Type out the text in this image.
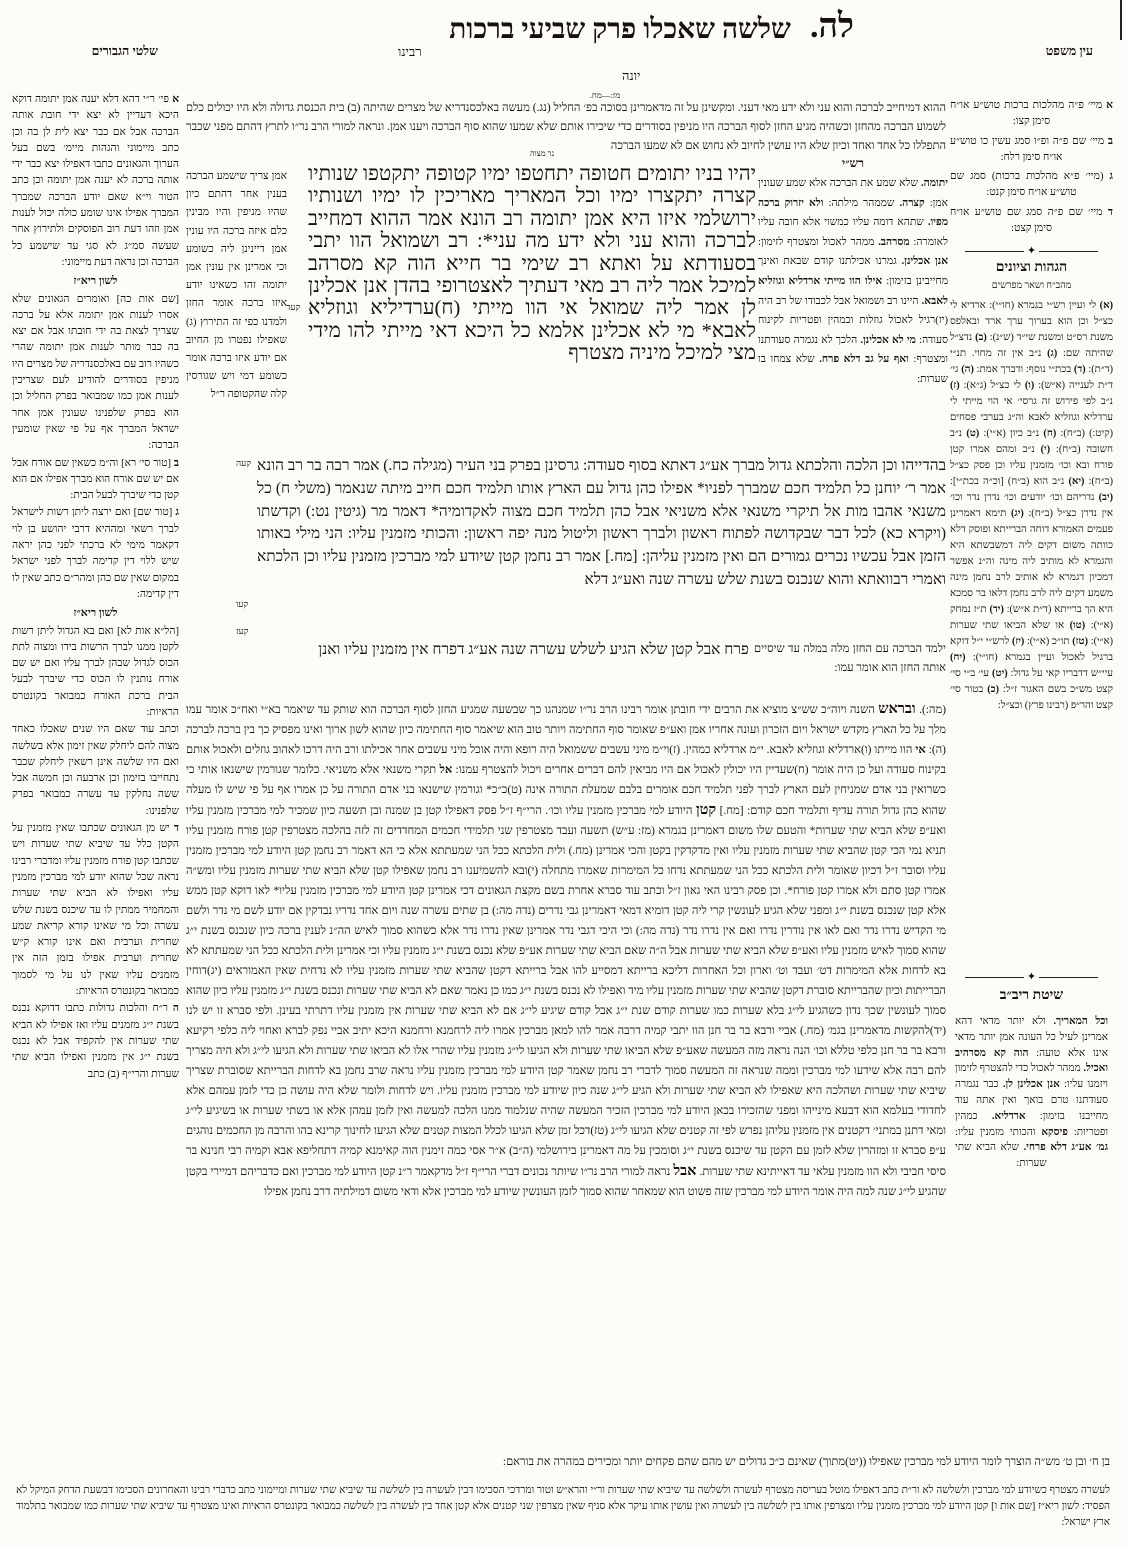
שלטי הגבורים	עין משפט
רבינו
שלשה שאכלו פרק שביעי ברכות לה.
יונה
מז:—מח.

א מיי׳ פ״ה מהלכות ברכות טוש״ע או״ח סימן קצו:

ב מיי׳ שם פ״ה ופ״ו סמג עשין כו טוש״ע או״ח סימן רלח:

ג (מיי׳ פ״א מהלכות ברכות) סמג שם טוש״ע או״ח סימן קנט:

ד מיי׳ שם פ״ה סמג שם טוש״ע או״ח סימן קצט:

✦
הגהות וציונים
מהב״ח ושאר מפרשים
(א) לי ועיין רש״י בגמרא (חו״י): ארדיא לי כצ״ל וכן הוא בערוך ערך ארד ובאלפס משנת רס״ט ומשנת שי״ד (ש״נ): (ב) נדצ״ל שהיתה שם: (ג) נ״ב אין זה מחוי. תנ״י (ד״ת): (ד) בכת״י נוסף: ודברך אמת: (ה) גי׳ ד״ת לענייה (א״ש): (ו) לי כצ״ל (ג״א): (ז) נ״ב לפי פירוש זה גרסי׳ אי הוי מייתי לי ערדליא וגוזליא לאבא וה״ג בערבי פסחים (קיט:) (ב״ח): (ח) נ״ב כיון (א״י): (ט) נ״ב חשובה (ב״ח): (י) נ״ב ומהם אמרו קטן פורח ובא וכו׳ מזמנין עליו וכן פסק כצ״ל (ב״ח): (יא) נ״ב הוא (ב״ח) [וכ״ה בכת״י]: (יב) נדריהם וכו׳ יודעים וכו׳ נדרן נדר וכו׳ אין נדרן כצ״ל (ב״ח): (יג) תימא דאמרינן פעמים האמורא דוחה הברייתא ופוסק דלא כוותה משום דקים ליה דמשבשתא היא והגמרא לא מותיב ליה מינה וה״נ אפשר דמכיון דגמרא לא אותיב לרב נחמן מינה משמע דקים ליה לרב נחמן דלאו בר סמכא היא הך ברייתא (ד״ת א״ש): (יד) ת״ז נמחק (א״י): (טו) או שלא הביאו שתי שערות (א״י): (טז) תו״כ (א״י): (יז) לרש״י י״ל דוקא ברגיל לאכול ועיין בגמרא (חו״י): (יח) עיי״ש דדבריו קאי על גדול: (יט) עי׳ ב״י סי׳ קצט מש״כ בשם האגור ז״ל: (כ) בטור סי׳ קצט והר״פ (רבינו פרץ) וכצ״ל:
✦
שיטת ריב״ב
וכל המאריך. ולא יותר מדאי דהא אמרינן לעיל כל העונה אמן יותר מדאי אינו אלא טועה: הוה קא מסרהיב ואכיל. ממהר לאכול כדי להצטרף לזימון ויזמנו עליו: אנן אכלינן לן. כבר נגמרה סעודתנו טרם בואך ואין אתה עוד מחייבנו בזימון: ארדליא. כמהין ופטריות: פיסקא והכותי מזמנין עליו: גמ׳ אע״ג דלא פרחי. שלא הביא שתי שערות:

א פי׳ ר״י דהא דלא יענה אמן יתומה דוקא היכא דעדיין לא יצא ידי חובת אותה הברכה אבל אם כבר יצא לית לן בה וכן כתב מיימוני והגהות מיימ׳ בשם בעל הערוך והגאונים כתבו דאפילו יצא כבר ידי אותה ברכה לא יענה אמן יתומה וכן כתב הטור וי״א שאם יודע הברכה שמברך המברך אפילו אינו שומע כולה יכול לענות אמן וזהו דעת רוב הפוסקים ולתירוץ אחר שעשה סמ״ג לא סגי עד שישמע כל הברכה וכן נראה דעת מיימוני:

לשון ריא״ז

[שם אות כה] ואומרים הגאונים שלא אסרו לענות אמן יתומה אלא על ברכה שצריך לצאת בה ידי חובתו אבל אם יצא בה כבר מותר לענות אמן יתומה שהרי כשהיו רוב עם באלכסנדריה של מצרים היו מניפין בסודרים להודיע לעם שצריכין לענות אמן כמו שמבואר בפרק החליל וכן הוא בפרק שלפנינו שעונין אמן אחר ישראל המברך אף על פי שאין שומעין הברכה:

ב [טור סי׳ רא] וה״מ כשאין שם אורח אבל אם יש שם אורח הוא מברך אפילו אם הוא קטן כדי שיברך לבעל הבית:

ג [טור שם] ואם ירצה ליתן רשות לישראל לברך רשאי ומההיא דרבי יהושע בן לוי דקאמר מימי לא ברכתי לפני כהן יראה שיש ללוי דין קדימה לברך לפני ישראל במקום שאין שם כהן ומהר״ם כתב שאין לו דין קדימה:

לשון ריא״ז

[הל״א אות לא] ואם בא הגדול ליתן רשות לקטן ממנו לברך הרשות בידו ומצוה לתת הכוס לגדול שבהן לברך עליו ואם יש שם אורח נותנין לו הכוס כדי שיברך לבעל הבית ברכת האורח כמבואר בקונטרס הראיות:

וכתב עוד שאם היו שנים שאכלו כאחד מצוה להם ליחלק שאין זימון אלא בשלשה ואם היו שלשה אינן רשאין ליחלק שכבר נתחייבו בזימון וכן ארבעה וכן חמשה אבל ששה נחלקין עד עשרה כמבואר בפרק שלפנינו:

ד יש מן הגאונים שכתבו שאין מזמנין על הקטן כלל עד שיביא שתי שערות ויש שכתבו קטן פורח מזמנין עליו ומדברי רבינו נראה שכל שהוא יודע למי מברכין מזמנין עליו ואפילו לא הביא שתי שערות והמחמיר ממתין לו עד שיכנס בשנת שלש עשרה וכל מי שאינו קורא קריאת שמע שחרית וערבית ואם אינו קורא ק״ש שחרית וערבית אפילו בזמן הזה אין מזמנים עליו שאין לנו על מי לסמוך כמבואר בקונטרס הראיות:

ה ר״ח והלכות גדולות כתבו דדוקא נכנס בשנת י״ג מזמנים עליו ואז אפילו לא הביא שתי שערות אין להקפיד אבל לא נכנס בשנת י״ג אין מזמנין ואפילו הביא שתי שערות והרי״ף (ב) כתב

ההוא דמיחייב לברכה והוא עני ולא ידע מאי דעני. ומקשינן על זה מדאמרינן בסוכה בפ׳ החליל (נג.) מעשה באלכסנדריא של מצרים שהיתה (ב) בית הכנסת גדולה ולא היו יכולים כלם לשמוע הברכה מהחזן וכשהיה מגיע החזן לסוף הברכה היו מניפין בסודרים כדי שיכירו אותם שלא שמעו שהוא סוף הברכה ויענו אמן. ונראה למורי הרב נר״ו לתרץ דהתם מפני שכבר התפללו כל אחד ואחד וכיון שלא היו עושין לחיוב לא נחוש אם לא שמעו הברכה
נר מצוה
אמן צריך שישמע הברכה בענין אחר דהתם כיון שהיו מניפין והיו מבינין כלם איזה ברכה היו עונין אמן דיינינן ליה כשומע וכי אמרינן אין עונין אמן יתומה זהו כשאינו יודע איזו ברכה אומר החזן ולמדנו כפי זה התירוץ (ג) שאפילו נפטרו מן החיוב אם יודע איזו ברכה אומר כשומע דמי ויש שגורסין קלה שהקטופה ר״ל
יהיו בניו יתומים חטופה יתחטפו ימיו קטופה יתקטפו שנותיו קצרה יתקצרו ימיו וכל המאריך מאריכין לו ימיו ושנותיו ירושלמי איזו היא אמן יתומה רב הונא אמר ההוא דמחייב לברכה והוא עני ולא ידע מה עני*: רב ושמואל הוו יתבי בסעודתא על ואתא רב שימי בר חייא הוה קא מסרהב למיכל אמר ליה רב מאי דעתיך לאצטרופי בהדן אנן אכלינן לן אמר ליה שמואל אי הוו מייתי (ח)ערדיליא וגוזליא לאבא* מי לא אכלינן אלמא כל היכא דאי מייתי להו מידי מצי למיכל מיניה מצטרף
קעד
רש״י
יתומה. שלא שמע את הברכה אלא שמע שעונין אמן: קצרה. שממהר מילתה: ולא יזרוק ברכה מפיו. שתהא דומה עליו כמשוי אלא חובה עליו לאומרה: מסרהב. ממהר לאכול ומצטרף לזימון: אנן אכלינן. גמרנו אכילתנו קודם שבאת ואינך מחייבינן בזימון: אילו הוו מייתי ארדליא וגוזליא לאבא. היינו רב ושמואל אבל לכבודו של רב היה (יז)רגיל לאכול גוזלות וכמהין ופטריות לקינוח סעודה: מי לא אכלינן. הלכך לא נגמרה סעודתנו ומצטרף: ואף על גב דלא פרח. שלא צמחו בו שערות:
בהדייהו וכן הלכה והלכתא גדול מברך אע״ג דאתא בסוף סעודה: גרסינן בפרק בני העיר (מגילה כח.) אמר רבה בר רב הונא אמר ר׳ יוחנן כל תלמיד חכם שמברך לפניו* אפילו כהן גדול עם הארץ אותו תלמיד חכם חייב מיתה שנאמר (משלי ח) כל משנאי אהבו מות אל תיקרי משנאי אלא משניאי אבל כהן תלמיד חכם מצוה לאקדומיה* דאמר מר (גיטין נט:) וקדשתו (ויקרא כא) לכל דבר שבקדושה לפתוח ראשון ולברך ראשון וליטול מנה יפה ראשון: והכותי מזמנין עליו: הני מילי באותו הזמן אבל עכשיו נכרים גמורים הם ואין מזמנין עליהן: [מח.] אמר רב נחמן קטן שיודע למי מברכין מזמנין עליו וכן הלכתא ואמרי רבוואתא והוא שנכנס בשנת שלש עשרה שנה ואע״ג דלא
קעה
קעו
קעז
פרח אבל קטן שלא הגיע לשלש עשרה שנה אע״ג דפרח אין מזמנין עליו ואנן ילמד הברכה עם החזן מלה במלה עד שיסיים אותה החזן הוא אומר עמו:
(מה:). ובראש השנה ויוה״כ שש״צ מוציא את הרבים ידי חובתן אומר רבינו הרב נר״ו שמנהגו כך שבשעה שמגיע החזן לסוף הברכה הוא שותק עד שיאמר בא״י ואח״כ אומר עמו מלך על כל הארץ מקדש ישראל ויום הזכרון ועונה אחריו אמן ואע״פ שאומר סוף החתימה ויותר טוב הוא שיאמר סוף החתימה כיון שהוא לשון ארוך ואינו מפסיק כך בין ברכה לברכה (ה): אי הוו מייתו (ו)ארדליא וגוזליא לאבא. י״מ ארדליא כמהין. (ז)וי״מ מיני עשבים ששמואל היה רופא והיה אוכל מיני עשבים אחר אכילתו ורב היה דרכו לאהוב גוזלים ולאכול אותם בקינוח סעודה ועל כן היה אומר (ח)שעדיין היו יכולין לאכול אם היו מביאין להם דברים אחרים ויכול להצטרף עמנו: אל תקרי משנאי אלא משניאי. כלומר שגורמין שישנאו אותי כי כשרואין בני אדם שמניחין לעם הארץ לברך לפני תלמיד חכם אומרים בלבם שמעלת התורה אינה (ט)כ״כ* וגורמין שישנאו בני אדם התורה על כן אמרו אף על פי שיש לו מעלה שהוא כהן גדול תורה עדיף ותלמיד חכם קודם: [מח.] קטן היודע למי מברכין מזמנין עליו וכו׳. הרי״ף ז״ל פסק דאפילו קטן בן שמנה ובן תשעה כיון שמכיר למי מברכין מזמנין עליו ואע״פ שלא הביא שתי שערות* והטעם שלו משום דאמרינן בגמרא (מז: ע״ש) תשעה ועבד מצטרפין שני תלמידי חכמים המחדדים זה לזה בהלכה מצטרפין קטן פורח מזמנין עליו תניא נמי הכי קטן שהביא שתי שערות מזמנין עליו ואין מדקדקין בקטן והכי אמרינן (מח.) ולית הלכתא ככל הני שמעתתא אלא כי הא דאמר רב נחמן קטן היודע למי מברכין מזמנין עליו וסובר ז״ל דכיון שאומר ולית הלכתא ככל הני שמעתתא נדחו כל המימרות שאמרו מתחלה (י)ובא להשמיענו רב נחמן שאפילו קטן שלא הביא שתי שערות מזמנין עליו ומש״ה אמרו קטן סתם ולא אמרו קטן פורח*. וכן פסק רבינו האי גאון ז״ל וכתב עוד סברא אחרת בשם מקצת הגאונים דכי אמרינן קטן היודע למי מברכין מזמנין עליו* לאו דוקא קטן ממש אלא קטן שנכנס בשנת י״ג ומפני שלא הגיע לעונשין קרי ליה קטן דומיא דמאי דאמרינן גבי נדרים (נדה מה:) בן שתים עשרה שנה ויום אחד נדריו נבדקין אם יודע לשם מי נדר ולשם מי הקדיש נדרו נדר ואם לאו אין נודרין נדרו ואם אין נדרו נדר (נדה מה:) וכי היכי דגבי נדר אמרינן שאין נדרו נדר אלא כשהוא סמוך לאיש הה״נ לענין ברכה כיון שנכנס בשנת י״ג שהוא סמוך לאיש מזמנין עליו ואע״פ שלא הביא שתי שערות אבל ה״ה שאם הביא שתי שערות אע״פ שלא נכנס בשנת י״ג מזמנין עליו וכי אמרינן ולית הלכתא ככל הני שמעתתא לא בא לדחות אלא המימרות דט׳ ועבד וט׳ וארון וכל האחרות דליכא ברייתא דמסייע להו אבל ברייתא דקטן שהביא שתי שערות מזמנין עליו לא נדחית שאין האמוראים (יג)דוחין הברייתות וכיון שהברייתא סוברת דקטן שהביא שתי שערות מזמנין עליו מיד ואפילו לא נכנס בשנת י״ג כמו כן נאמר שאם לא הביא שתי שערות ונכנס בשנת י״ג מזמנין עליו כיון שהוא סמוך לעונשין שכך נדון כשהגיע לי״ג בלא שערות כמו שערות קודם שנת י״ג אבל קודם שיגיע לי״ג אם לא הביא שתי שערות אין מזמנין עליו דתרתי בעינן. ולפי סברא זו יש לנו (יד)להקשות מדאמרינן בגמ׳ (מח.) אביי ורבא בר בר חנן הוו יתבי קמיה דרבה אמר להו למאן מברכין אמרו ליה לרחמנא ורחמנא היכא יתיב אביי נפק לברא ואחוי ליה כלפי רקיעא ורבא בר בר חנן כלפי טללא וכו׳ הנה נראה מזה המעשה שאע״פ שלא הביאו שתי שערות ולא הגיעו לי״ג מזמנין עליו שהרי אלו לא הביאו שתי שערות ולא הגיעו לי״ג ולא היה מצריך להם רבה אלא שידעו למי מברכין וממה שנראה זה המעשה סמוך לדברי רב נחמן שאמר קטן היודע למי מברכין מזמנין עליו נראה שרב נחמן בא לדחות הברייתא שסוברת שצריך שיביא שתי שערות ושהלכה היא שאפילו לא הביא שתי שערות ולא הגיע לי״ג שנה כיון שיודע למי מברכין מזמנין עליו. ויש לדחות ולומר שלא היה עושה כן כדי לזמן עמהם אלא לחדודי בעלמא הוא דבעא מינייהו ומפני שהזכירו בכאן היודע למי מברכין הזכיר המעשה שהיה שנלמוד ממנו הלכה למעשה ואין לזמן עמהן אלא או בשתי שערות או בשיגיע לי״ג ומאי דתנן במתני׳ דקטנים אין מזמנין עליהן נפרש לפי זה קטנים שלא הגיעו לי״ג (טז)דכל זמן שלא הגיעו לכלל המצות קטנים שלא הגיעו לחינוך קרינא בהו והרבה מן החכמים נוהגים ע״פ סברא זו ומזהרין שלא לזמן עם הקטן עד שיכנס בשנת י״ג וסומכין על מה דאמרינן בירושלמי (ה״ב) א״ר אסי כמה זימנין הוה קאימנא קמיה דתחליפא אבא וקמיה רבי חנינא בר סיסי חביבי ולא הוו מזמנין עלאי עד דאייתינא שתי שערות. אבל נראה למורי הרב נר״ו שיותר נכונים דברי הרי״ף ז״ל מדקאמר ר״נ קטן היודע למי מברכין ואם כדבריהם דמיירי בקטן שהגיע לי״ג שנה למה היה אומר היודע למי מברכין שזה פשוט הוא שמאחר שהוא סמוך לזמן העונשין שיודע למי מברכין אלא ודאי משום דמילתיה דרב נחמן אפילו
בן ח׳ ובן ט׳ מש״ה הוצרך לומר היודע למי מברכין שאפילו ((יט)מתוך) שאינם כ״כ גדולים יש מהם שהם פקחים יותר ומכירים במהרה את בוראם:
לעשרה מצטרף כשיודע למי מברכין ולשלשה לא ור״ת כתב דאפילו מוטל בעריסה מצטרף לעשרה ולשלשה עד שיביא שתי שערות ור״י והרא״ש וטור ומרדכי הסכימו דבין לעשרה בין לשלשה עד שיביא שתי שערות ומיימוני כתב כדברי רבינו והאחרונים הסכימו דבשעת הדחק המיקל לא הפסיד: לשון ריא״ז [שם אות ו] קטן היודע למי מברכין מזמנין עליו ומצרפין אותו בין לשלשה בין לעשרה ואין עושין אותו עיקר אלא סניף שאין מצרפין שני קטנים אלא קטן אחד בין לעשרה בין לשלשה כמבואר בקונטרס הראיות ואינו מצטרף עד שיביא שתי שערות כמו שמבואר בתלמוד ארץ ישראל:
